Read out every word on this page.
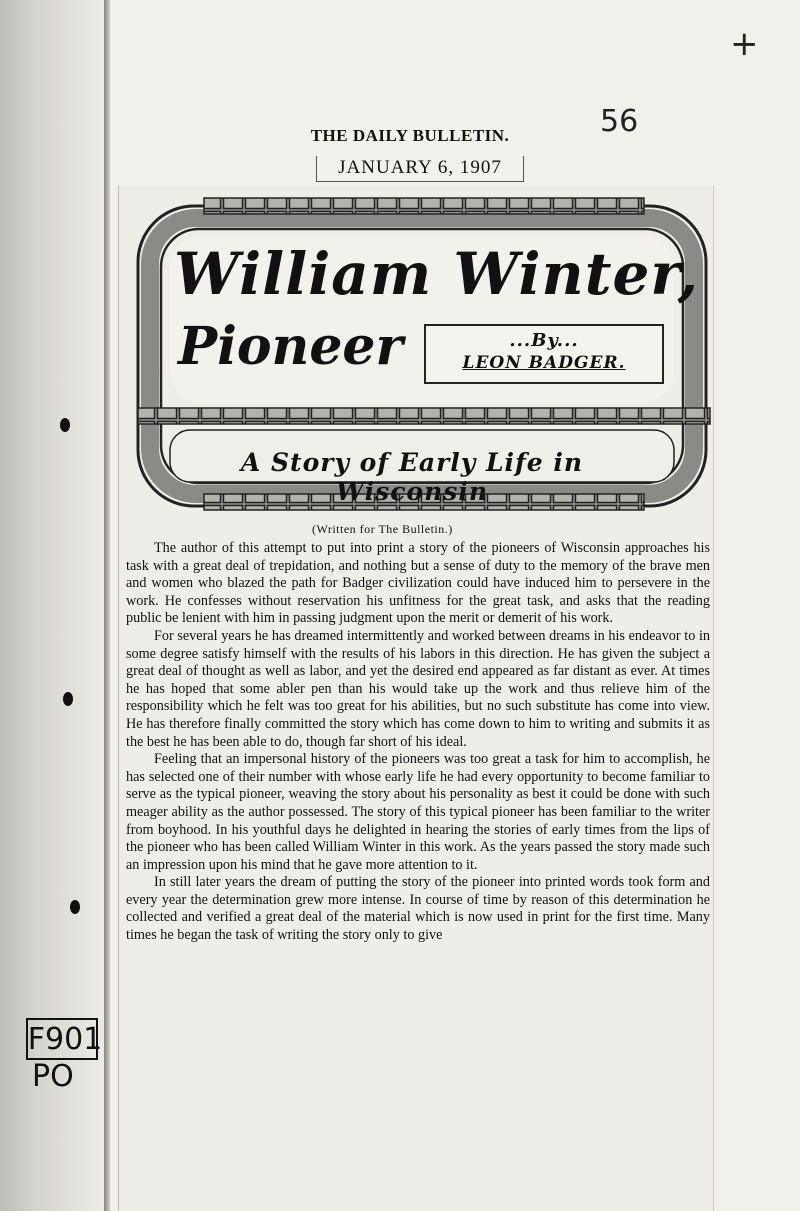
+
THE DAILY BULLETIN.
JANUARY 6, 1907
56
William Winter,
Pioneer	...By...
LEON BADGER.
A Story of Early Life in Wisconsin
(Written for The Bulletin.)

The author of this attempt to put into print a story of the pioneers of Wisconsin approaches his task with a great deal of trepidation, and nothing but a sense of duty to the memory of the brave men and women who blazed the path for Badger civilization could have induced him to persevere in the work. He confesses without reservation his unfitness for the great task, and asks that the reading public be lenient with him in passing judgment upon the merit or demerit of his work.

For several years he has dreamed intermittently and worked between dreams in his endeavor to in some degree satisfy himself with the results of his labors in this direction. He has given the subject a great deal of thought as well as labor, and yet the desired end appeared as far distant as ever. At times he has hoped that some abler pen than his would take up the work and thus relieve him of the responsibility which he felt was too great for his abilities, but no such substitute has come into view. He has therefore finally committed the story which has come down to him to writing and submits it as the best he has been able to do, though far short of his ideal.

Feeling that an impersonal history of the pioneers was too great a task for him to accomplish, he has selected one of their number with whose early life he had every opportunity to become familiar to serve as the typical pioneer, weaving the story about his personality as best it could be done with such meager ability as the author possessed. The story of this typical pioneer has been familiar to the writer from boyhood. In his youthful days he delighted in hearing the stories of early times from the lips of the pioneer who has been called William Winter in this work. As the years passed the story made such an impression upon his mind that he gave more attention to it.

In still later years the dream of putting the story of the pioneer into printed words took form and every year the determination grew more intense. In course of time by reason of this determination he collected and verified a great deal of the material which is now used in print for the first time. Many times he began the task of writing the story only to give

F901
PO
